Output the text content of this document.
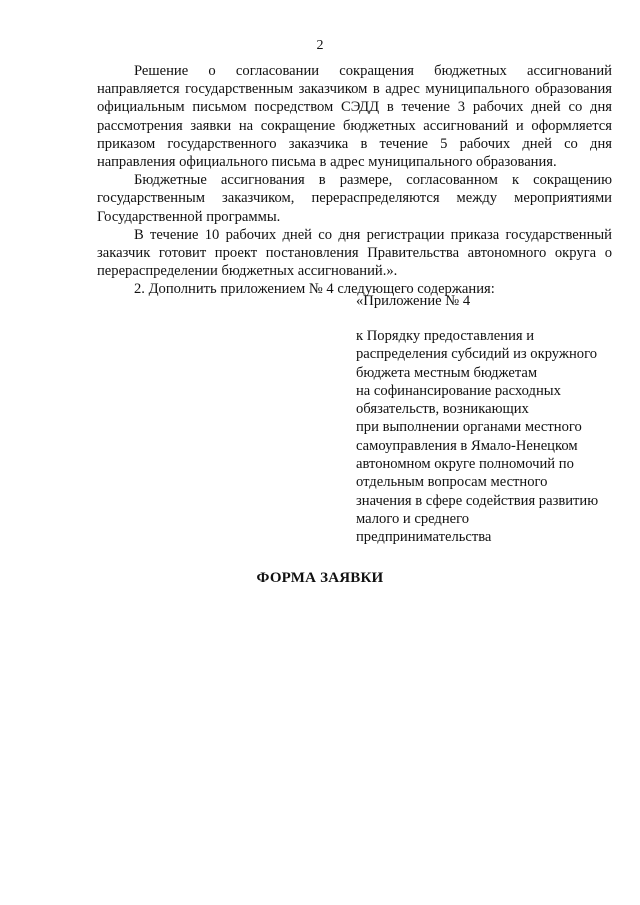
2

Решение о согласовании сокращения бюджетных ассигнований направляется государственным заказчиком в адрес муниципального образования официальным письмом посредством СЭДД в течение 3 рабочих дней со дня рассмотрения заявки на сокращение бюджетных ассигнований и оформляется приказом государственного заказчика в течение 5 рабочих дней со дня направления официального письма в адрес муниципального образования.

Бюджетные ассигнования в размере, согласованном к сокращению государственным заказчиком, перераспределяются между мероприятиями Государственной программы.

В течение 10 рабочих дней со дня регистрации приказа государственный заказчик готовит проект постановления Правительства автономного округа о перераспределении бюджетных ассигнований.».

2. Дополнить приложением № 4 следующего содержания:

«Приложение № 4
к Порядку предоставления и
распределения субсидий из окружного
бюджета местным бюджетам
на софинансирование расходных
обязательств, возникающих
при выполнении органами местного
самоуправления в Ямало-Ненецком
автономном округе полномочий по
отдельным вопросам местного
значения в сфере содействия развитию
малого и среднего
предпринимательства
ФОРМА ЗАЯВКИ
